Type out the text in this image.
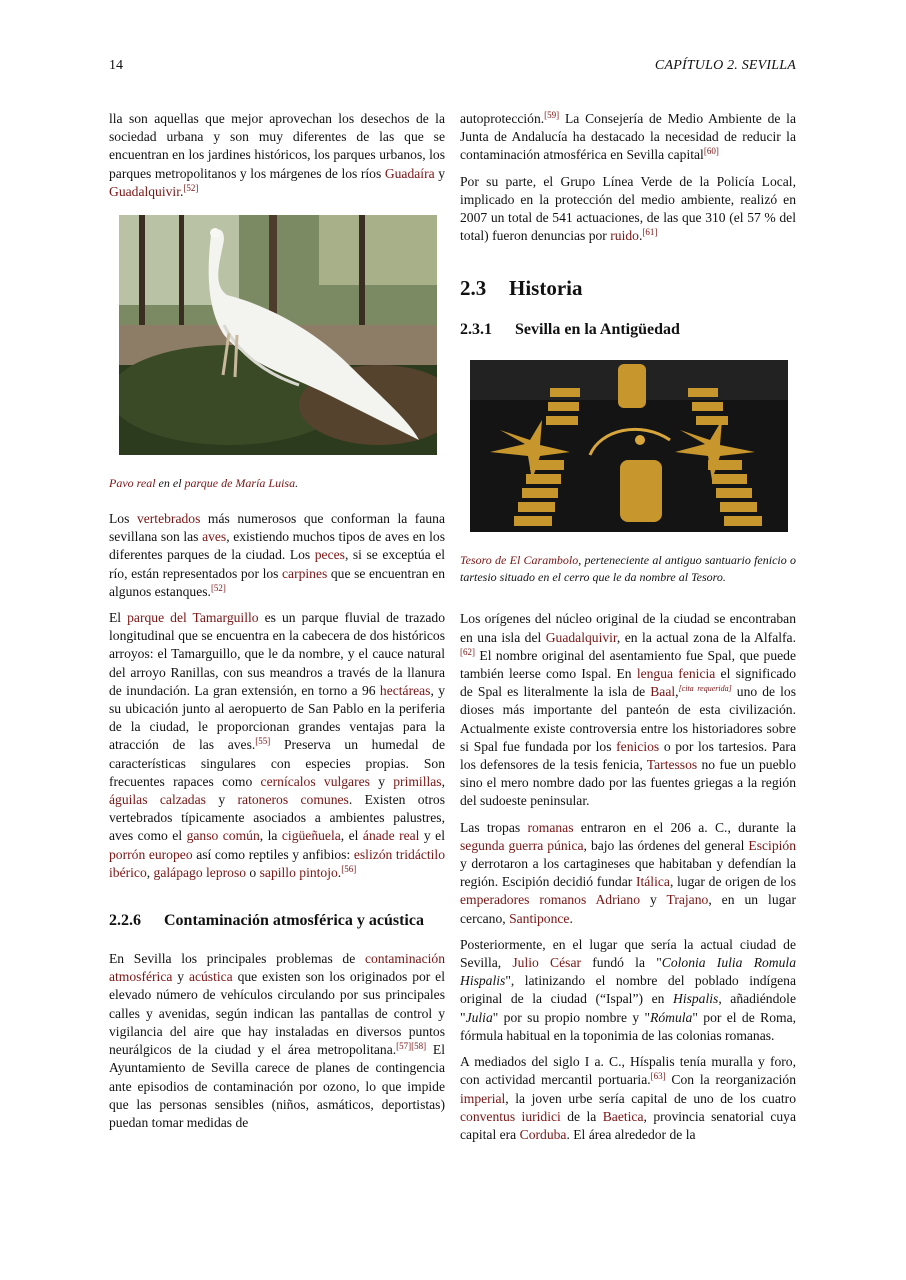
14	CAPÍTULO 2. SEVILLA

lla son aquellas que mejor aprovechan los desechos de la sociedad urbana y son muy diferentes de las que se encuentran en los jardines históricos, los parques urbanos, los parques metropolitanos y los márgenes de los ríos Guadaíra y Guadalquivir.[52]

Pavo real en el parque de María Luisa.

Los vertebrados más numerosos que conforman la fauna sevillana son las aves, existiendo muchos tipos de aves en los diferentes parques de la ciudad. Los peces, si se exceptúa el río, están representados por los carpines que se encuentran en algunos estanques.[52]

El parque del Tamarguillo es un parque fluvial de trazado longitudinal que se encuentra en la cabecera de dos históricos arroyos: el Tamarguillo, que le da nombre, y el cauce natural del arroyo Ranillas, con sus meandros a través de la llanura de inundación. La gran extensión, en torno a 96 hectáreas, y su ubicación junto al aeropuerto de San Pablo en la periferia de la ciudad, le proporcionan grandes ventajas para la atracción de las aves.[55] Preserva un humedal de características singulares con especies propias. Son frecuentes rapaces como cernícalos vulgares y primillas, águilas calzadas y ratoneros comunes. Existen otros vertebrados típicamente asociados a ambientes palustres, aves como el ganso común, la cigüeñuela, el ánade real y el porrón europeo así como reptiles y anfibios: eslizón tridáctilo ibérico, galápago leproso o sapillo pintojo.[56]

2.2.6	Contaminación atmosférica y acústica

En Sevilla los principales problemas de contaminación atmosférica y acústica que existen son los originados por el elevado número de vehículos circulando por sus principales calles y avenidas, según indican las pantallas de control y vigilancia del aire que hay instaladas en diversos puntos neurálgicos de la ciudad y el área metropolitana.[57][58] El Ayuntamiento de Sevilla carece de planes de contingencia ante episodios de contaminación por ozono, lo que impide que las personas sensibles (niños, asmáticos, deportistas) puedan tomar medidas de

autoprotección.[59] La Consejería de Medio Ambiente de la Junta de Andalucía ha destacado la necesidad de reducir la contaminación atmosférica en Sevilla capital[60]

Por su parte, el Grupo Línea Verde de la Policía Local, implicado en la protección del medio ambiente, realizó en 2007 un total de 541 actuaciones, de las que 310 (el 57 % del total) fueron denuncias por ruido.[61]

2.3 Historia
2.3.1 Sevilla en la Antigüedad
Tesoro de El Carambolo, perteneciente al antiguo santuario fenicio o tartesio situado en el cerro que le da nombre al Tesoro.

Los orígenes del núcleo original de la ciudad se encontraban en una isla del Guadalquivir, en la actual zona de la Alfalfa.[62] El nombre original del asentamiento fue Spal, que puede también leerse como Ispal. En lengua fenicia el significado de Spal es literalmente la isla de Baal,[cita requerida] uno de los dioses más importante del panteón de esta civilización. Actualmente existe controversia entre los historiadores sobre si Spal fue fundada por los fenicios o por los tartesios. Para los defensores de la tesis fenicia, Tartessos no fue un pueblo sino el mero nombre dado por las fuentes griegas a la región del sudoeste peninsular.

Las tropas romanas entraron en el 206 a. C., durante la segunda guerra púnica, bajo las órdenes del general Escipión y derrotaron a los cartagineses que habitaban y defendían la región. Escipión decidió fundar Itálica, lugar de origen de los emperadores romanos Adriano y Trajano, en un lugar cercano, Santiponce.

Posteriormente, en el lugar que sería la actual ciudad de Sevilla, Julio César fundó la "Colonia Iulia Romula Hispalis", latinizando el nombre del poblado indígena original de la ciudad (“Ispal”) en Hispalis, añadiéndole "Julia" por su propio nombre y "Rómula" por el de Roma, fórmula habitual en la toponimia de las colonias romanas.

A mediados del siglo I a. C., Híspalis tenía muralla y foro, con actividad mercantil portuaria.[63] Con la reorganización imperial, la joven urbe sería capital de uno de los cuatro conventus iuridici de la Baetica, provincia senatorial cuya capital era Corduba. El área alrededor de la
